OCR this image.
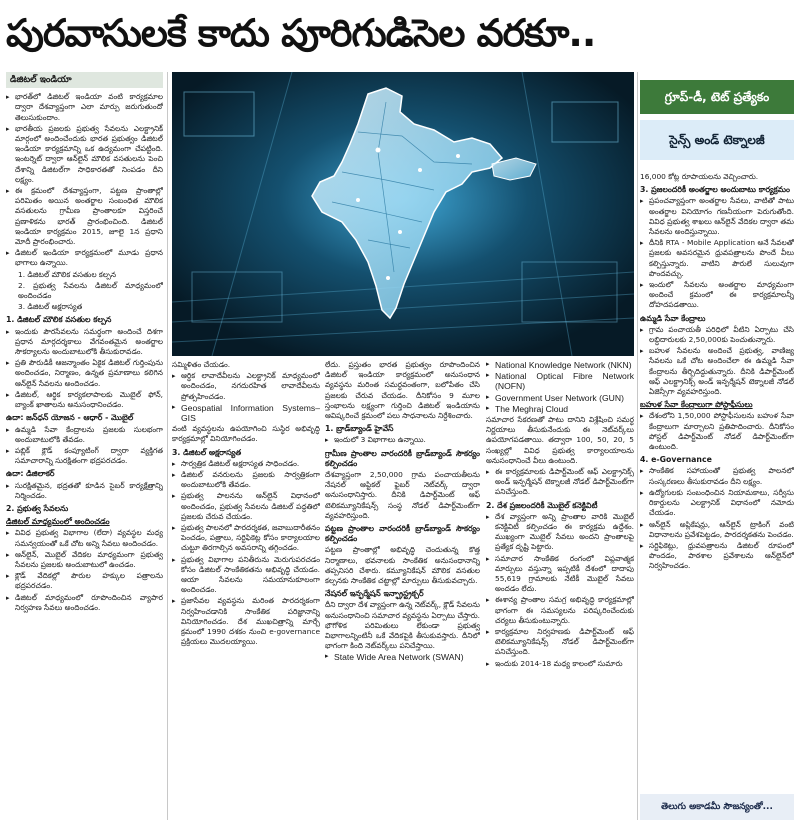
పురవాసులకే కాదు పూరిగుడిసెల వరకూ..
గ్రూప్-డీ, టెట్ ప్రత్యేకం
సైన్స్ అండ్ టెక్నాలజీ
డిజిటల్ ఇండియా
▸ భారత్‌లో డిజిటల్ ఇండియా వంటి కార్యక్రమాల ద్వారా దేశవ్యాప్తంగా ఎలా మార్పు జరుగుతుందో తెలుసుకుందాం.
▸ భారతీయ ప్రజలకు ప్రభుత్వ సేవలను ఎలక్ట్రానిక్ మార్గంలో అందించేందుకు భారత ప్రభుత్వం డిజిటల్ ఇండియా కార్యక్రమాన్ని ఒక ఉద్యమంగా చేపట్టింది. ఇంటర్నెట్ ద్వారా ఆన్‌లైన్ మౌలిక వసతులను పెంచి దేశాన్ని డిజిటల్‌గా సాధికారతతో నింపడం దీని లక్ష్యం.
▸ ఈ క్రమంలో దేశవ్యాప్తంగా, పట్టణ ప్రాంతాల్లో పరిమితం అయిన అంతర్జాల సంబంధిత మౌలిక వసతులను గ్రామీణ ప్రాంతాలకూ విస్తరించే ప్రణాళికను భారత్ ప్రారంభించింది. డిజిటల్ ఇండియా కార్యక్రమం 2015, జూలై 1న ప్రధాని మోదీ ప్రారంభించారు.
▸ డిజిటల్ ఇండియా కార్యక్రమంలో మూడు ప్రధాన భాగాలు ఉన్నాయి.
1. డిజిటల్ మౌలిక వసతుల కల్పన
2. ప్రభుత్వ సేవలను డిజిటల్ మాధ్యమంలో అందించడం
3. డిజిటల్ అక్షరాస్యత
1. డిజిటల్ మౌలిక వసతుల కల్పన
▸ ఇందుకు పౌరసేవలను సమర్థంగా అందించే దిశగా ప్రధాన మార్గదర్శకాలు వేగవంతమైన అంతర్జాల సౌకర్యాలను అందుబాటులోకి తీసుకురావడం.
▸ ప్రతి పౌరుడికీ ఆజన్మాంతం ఏకైక డిజిటల్ గుర్తింపును అందించడం, నిర్మాణం, ఉన్నత ప్రమాణాలు కలిగిన ఆన్‌లైన్ సేవలను అందించడం.
▸ డిజిటల్, ఆర్థిక కార్యకలాపాలకు మొబైల్ ఫోన్, బ్యాంక్ ఖాతాలను అనుసంధానించడం.
ఉదా: జన్‌ధన్ యోజన - ఆధార్ - మొబైల్
▸ ఉమ్మడి సేవా కేంద్రాలను ప్రజలకు సులభంగా అందుబాటులోకి తేవడం.
▸ పబ్లిక్ క్లౌడ్ కంప్యూటింగ్ ద్వారా వ్యక్తిగత సమాచారాన్ని సురక్షితంగా భద్రపరచడం.
ఉదా: డిజిలాకర్
▸ సురక్షితమైన, భద్రతతో కూడిన సైబర్ కార్యక్షేత్రాన్ని నిర్మించడం.
2. ప్రభుత్వ సేవలను
డిజిటల్ మాధ్యమంలో అందించడం
▸ వివిధ ప్రభుత్వ విభాగాల (లేదా) వ్యవస్థల మధ్య సమన్వయంతో ఒకే చోట అన్ని సేవలు అందించడం.
▸ ఆన్‌లైన్, మొబైల్ వేదికల మాధ్యమంగా ప్రభుత్వ సేవలను ప్రజలకు అందుబాటులో ఉంచడం.
▸ క్లౌడ్ వేదికల్లో పౌరుల హక్కుల పత్రాలను భద్రపరచడం.
▸ డిజిటల్ మాధ్యమంలో రూపొందించిన వ్యాపార నిర్వహణ సేవలు అందించడం.
సమ్మిళితం చేయడం.
▸ ఆర్థిక లావాదేవీలను ఎలక్ట్రానిక్ మాధ్యమంలో అందించడం, నగదురహిత లావాదేవీలను ప్రోత్సహించడం.
▸ Geospatial Information Systems– GIS
వంటి వ్యవస్థలను ఉపయోగించి సుస్థిర అభివృద్ధి కార్యక్రమాల్లో వినియోగించడం.
3. డిజిటల్ అక్షరాస్యత
▸ సార్వత్రిక డిజిటల్ అక్షరాస్యత సాధించడం.
▸ డిజిటల్ వనరులను ప్రజలకు సార్వత్రికంగా అందుబాటులోకి తేవడం.
▸ ప్రభుత్వ పాలనను ఆన్‌లైన్ విధానంలో అందించడం, ప్రభుత్వ సేవలను డిజిటల్ పద్ధతిలో ప్రజలకు చేరువ చేయడం.
▸ ప్రభుత్వ పాలనలో పారదర్శకత, జవాబుదారీతనం పెంచడం, పత్రాలు, సర్టిఫికెట్ల కోసం కార్యాలయాల చుట్టూ తిరగాల్సిన అవసరాన్ని తగ్గించడం.
▸ ప్రభుత్వ విభాగాల పనితీరును మెరుగుపరచడం కోసం డిజిటల్ సాంకేతికతను అభివృద్ధి చేయడం. ఆయా సేవలను సమయానుకూలంగా అందించడం.
▸ ప్రజాసేవల వ్యవస్థను మరింత పారదర్శకంగా నిర్వహించడానికి సాంకేతిక పరిజ్ఞానాన్ని వినియోగించడం. దేశ ముఖచిత్రాన్ని మార్చే క్రమంలో 1990 దశకం నుంచి e-governance ప్రక్రియలు మొదలయ్యాయి.
లేదు. ప్రస్తుతం భారత ప్రభుత్వం రూపొందించిన డిజిటల్ ఇండియా కార్యక్రమంలో అనుసంధాన వ్యవస్థను మరింత సమర్థవంతంగా, బలోపేతం చేసి ప్రజలకు చేరువ చేయడం. దీనికోసం 9 మూల స్తంభాలను లక్ష్యంగా గుర్తించి డిజిటల్ ఇండియాను ఆవిష్కరించే క్రమంలో పలు సాధనాలను నిర్దేశించారు.
1. బ్రాడ్‌బ్యాండ్ హైవేస్
▸ ఇందులో 3 విభాగాలు ఉన్నాయి.
గ్రామీణ ప్రాంతాల వారందరికీ బ్రాడ్‌బ్యాండ్ సౌకర్యం కల్పించడం
దేశవ్యాప్తంగా 2,50,000 గ్రామ పంచాయతీలను నేషనల్ ఆప్టికల్ ఫైబర్ నెట్‌వర్క్ ద్వారా అనుసంధానిస్తారు. దీనికి డిపార్ట్‌మెంట్ ఆఫ్ టెలికమ్యూనికేషన్స్ సంస్థ నోడల్ డిపార్ట్‌మెంట్‌గా వ్యవహరిస్తుంది.
పట్టణ ప్రాంతాల వారందరికీ బ్రాడ్‌బ్యాండ్ సౌకర్యం కల్పించడం
పట్టణ ప్రాంతాల్లో అభివృద్ధి చెందుతున్న కొత్త నిర్మాణాలు, భవనాలకు సాంకేతిక అనుసంధానాన్ని తప్పనిసరి చేశారు. కమ్యూనికేషన్ మౌలిక వసతుల కల్పనకు సాంకేతిక చట్టాల్లో మార్పులు తీసుకువచ్చారు.
నేషనల్ ఇన్ఫర్మేషన్ ఇన్ఫ్రాస్ట్రక్చర్
దీని ద్వారా దేశ వ్యాప్తంగా ఉన్న నెట్‌వర్క్, క్లౌడ్ సేవలను అనుసంధానించి సమాచార వ్యవస్థను ఏర్పాటు చేస్తారు. భౌగోళిక పరిమితులు లేకుండా ప్రభుత్వ విభాగాలన్నింటినీ ఒకే వేదికపైకి తీసుకువస్తారు. దీనిలో భాగంగా కింది నెట్‌వర్క్‌లు పనిచేస్తాయి.
▸ State Wide Area Network (SWAN)
▸ National Knowledge Network (NKN)
▸ National Optical Fibre Network (NOFN)
▸ Government User Network (GUN)
▸ The Meghraj Cloud
సమాచార సేకరణతో పాటు దానిని విశ్లేషించి సమర్థ నిర్ణయాలు తీసుకునేందుకు ఈ నెట్‌వర్క్‌లు ఉపయోగపడతాయి. తద్వారా 100, 50, 20, 5 సంఖ్యల్లో వివిధ ప్రభుత్వ కార్యాలయాలను అనుసంధానించే వీలు ఉంటుంది.
▸ ఈ కార్యక్రమాలకు డిపార్ట్‌మెంట్ ఆఫ్ ఎలక్ట్రానిక్స్ అండ్ ఇన్ఫర్మేషన్ టెక్నాలజీ నోడల్ డిపార్ట్‌మెంట్‌గా పనిచేస్తుంది.
2. దేశ ప్రజలందరికీ మొబైల్ కనెక్టివిటీ
▸ దేశ వ్యాప్తంగా అన్ని ప్రాంతాల వారికి మొబైల్ కనెక్టివిటీ కల్పించడం ఈ కార్యక్రమ ఉద్దేశం. ముఖ్యంగా మొబైల్ సేవలు అందని ప్రాంతాలపై ప్రత్యేక దృష్టి పెట్టారు.
▸ సమాచార సాంకేతిక రంగంలో విప్లవాత్మక మార్పులు వస్తున్నా ఇప్పటికీ దేశంలో దాదాపు 55,619 గ్రామాలకు నేటికీ మొబైల్ సేవలు అందడం లేదు.
▸ ఈశాన్య ప్రాంతాల సమగ్ర అభివృద్ధి కార్యక్రమాల్లో భాగంగా ఈ సమస్యలను పరిష్కరించేందుకు చర్యలు తీసుకుంటున్నారు.
▸ కార్యక్రమాల నిర్వహణకు డిపార్ట్‌మెంట్ ఆఫ్ టెలికమ్యూనికేషన్స్ నోడల్ డిపార్ట్‌మెంట్‌గా పనిచేస్తుంది.
▸ ఇందుకు 2014-18 మధ్య కాలంలో సుమారు
16,000 కోట్ల రూపాయలను వెచ్చించారు.
3. ప్రజలందరికీ అంతర్జాల అందుబాటు కార్యక్రమం
▸ ప్రపంచవ్యాప్తంగా అంతర్జాల సేవలు, వాటితో పాటు అంతర్జాల వినియోగం గణనీయంగా పెరుగుతోంది. వివిధ ప్రభుత్వ శాఖలు ఆన్‌లైన్ వేదికల ద్వారా తమ సేవలను అందిస్తున్నాయి.
▸ దీనికి RTA - Mobile Application అనే సేవలతో ప్రజలకు అవసరమైన ధ్రువపత్రాలను పొందే వీలు కల్పిస్తున్నారు. వాటిని పౌరులే సులువుగా పొందవచ్చు.
▸ ఇందులో సేవలను అంతర్జాల మాధ్యమంగా అందించే క్రమంలో ఈ కార్యక్రమాలన్నీ దోహదపడతాయి.
ఉమ్మడి సేవా కేంద్రాలు
▸ గ్రామ పంచాయతీ పరిధిలో వీటిని ఏర్పాటు చేసి లబ్ధిదారులకు 2,50,000కు పెంచుతున్నారు.
▸ బహుళ సేవలను అందించే ప్రభుత్వ, వాణిజ్య సేవలను ఒకే చోట అందించేలా ఈ ఉమ్మడి సేవా కేంద్రాలను తీర్చిదిద్దుతున్నారు. దీనికి డిపార్ట్‌మెంట్ ఆఫ్ ఎలక్ట్రానిక్స్ అండ్ ఇన్ఫర్మేషన్ టెక్నాలజీ నోడల్ ఏజెన్సీగా వ్యవహరిస్తుంది.
బహుళ సేవా కేంద్రాలుగా పోస్టాఫీసులు
▸ దేశంలోని 1,50,000 పోస్టాఫీసులను బహుళ సేవా కేంద్రాలుగా మార్చాలని ప్రతిపాదించారు. దీనికోసం పోస్టల్ డిపార్ట్‌మెంట్ నోడల్ డిపార్ట్‌మెంట్‌గా ఉంటుంది.
4. e-Governance
▸ సాంకేతిక సహాయంతో ప్రభుత్వ పాలనలో సంస్కరణలు తీసుకురావడం దీని లక్ష్యం.
▸ ఉద్యోగులకు సంబంధించిన నియామకాలు, సర్వీసు రికార్డులను ఎలక్ట్రానిక్ విధానంలో నమోదు చేయడం.
▸ ఆన్‌లైన్ అప్లికేషన్లు, ఆన్‌లైన్ ట్రాకింగ్ వంటి విధానాలను ప్రవేశపెట్టడం, పారదర్శకతను పెంచడం.
▸ సర్టిఫికెట్లు, ధ్రువపత్రాలను డిజిటల్ రూపంలో పొందడం, పాఠశాల ప్రవేశాలను ఆన్‌లైన్‌లో నిర్వహించడం.
తెలుగు అకాడమీ సౌజన్యంతో...
